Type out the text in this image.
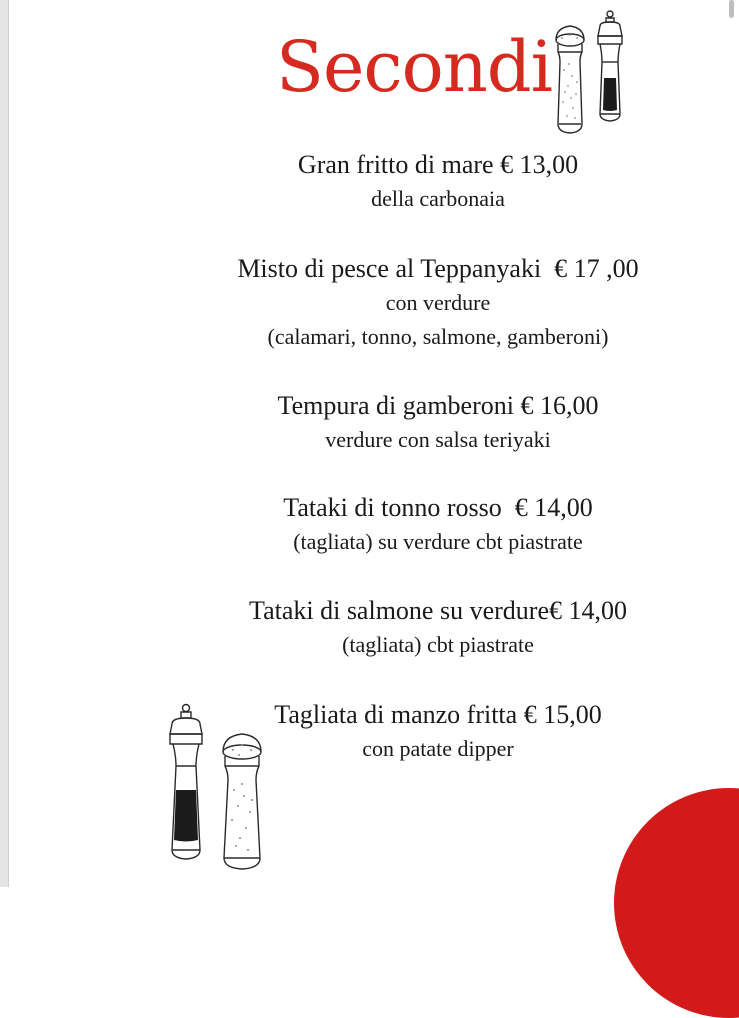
Secondi
Gran fritto di mare € 13,00
della carbonaia
Misto di pesce al Teppanyaki  € 17 ,00
con verdure
(calamari, tonno, salmone, gamberoni)
Tempura di gamberoni € 16,00
verdure con salsa teriyaki
Tataki di tonno rosso  € 14,00
(tagliata) su verdure cbt piastrate
Tataki di salmone su verdure€ 14,00
(tagliata) cbt piastrate
Tagliata di manzo fritta € 15,00
con patate dipper
